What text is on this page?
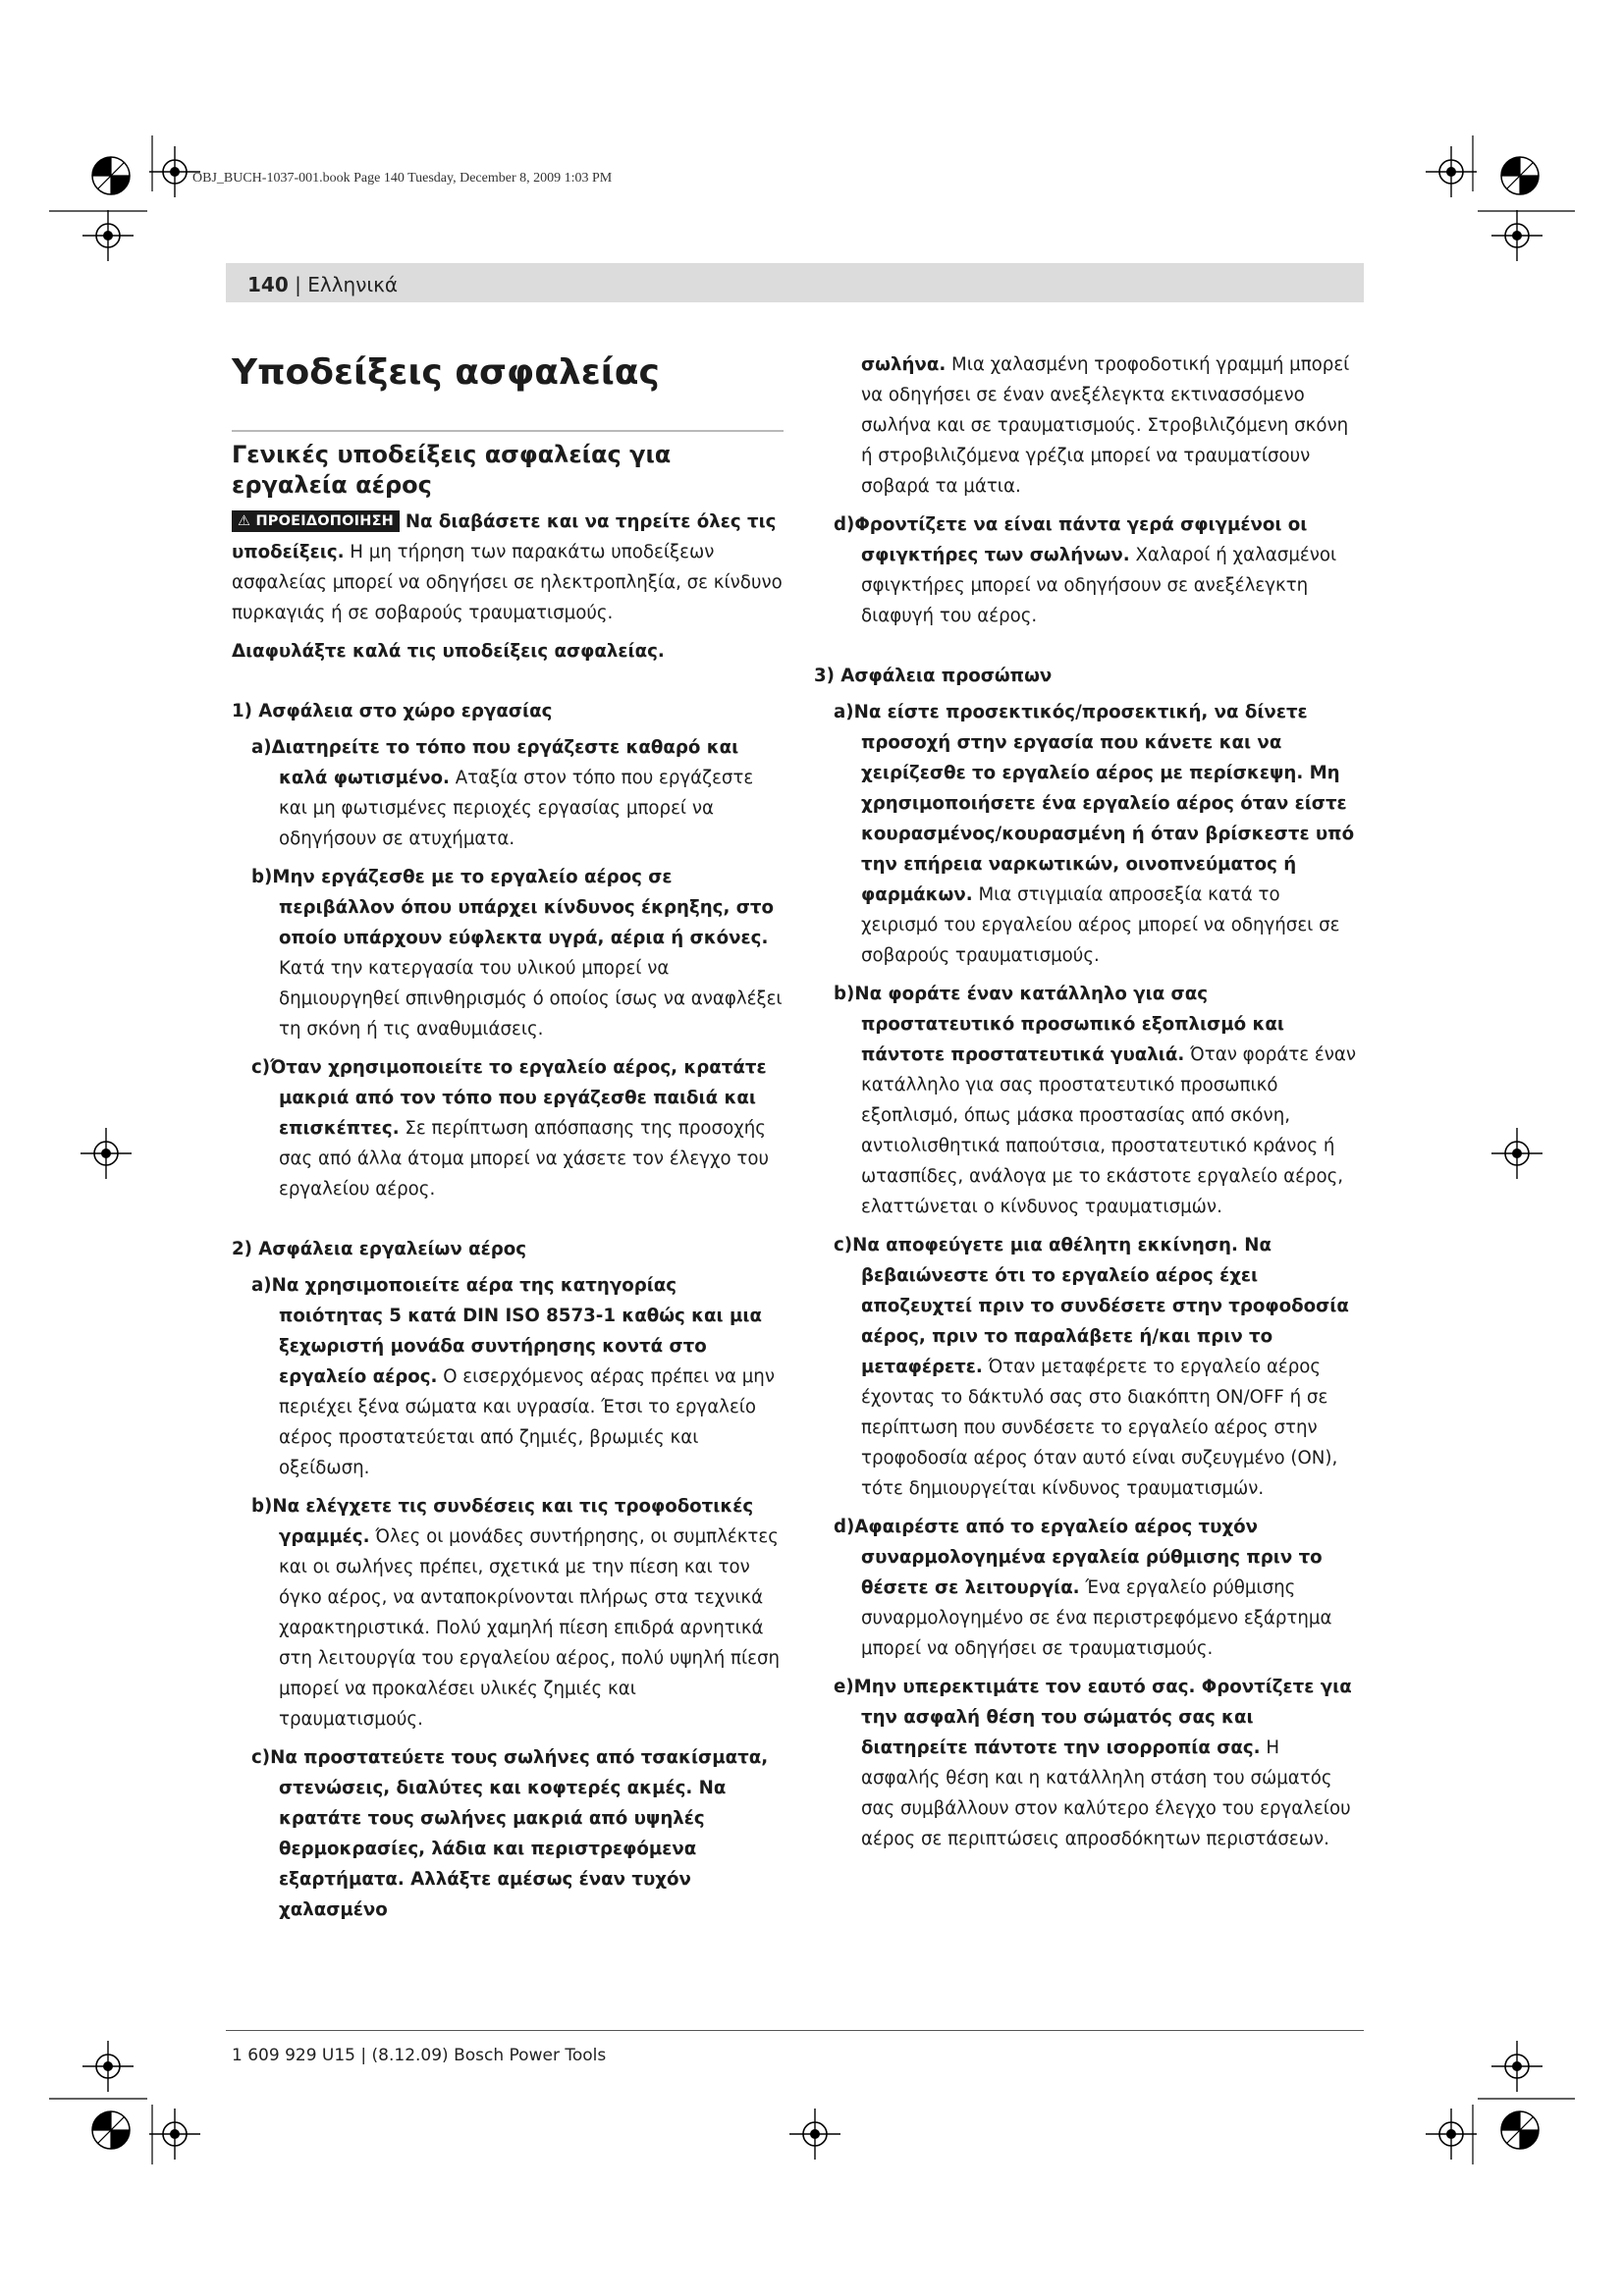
OBJ_BUCH-1037-001.book Page 140 Tuesday, December 8, 2009 1:03 PM
140 | Ελληνικά
Υποδείξεις ασφαλείας
Γενικές υποδείξεις ασφαλείας για εργαλεία αέρος

⚠ ΠΡΟΕΙΔΟΠΟΙΗΣΗ Να διαβάσετε και να τηρείτε όλες τις υποδείξεις. Η μη τήρηση των παρακάτω υποδείξεων ασφαλείας μπορεί να οδηγήσει σε ηλεκτροπληξία, σε κίνδυνο πυρκαγιάς ή σε σοβαρούς τραυματισμούς.

Διαφυλάξτε καλά τις υποδείξεις ασφαλείας.

1) Ασφάλεια στο χώρο εργασίας

a)Διατηρείτε το τόπο που εργάζεστε καθαρό και καλά φωτισμένο. Αταξία στον τόπο που εργάζεστε και μη φωτισμένες περιοχές εργασίας μπορεί να οδηγήσουν σε ατυχήματα.

b)Μην εργάζεσθε με το εργαλείο αέρος σε περιβάλλον όπου υπάρχει κίνδυνος έκρηξης, στο οποίο υπάρχουν εύφλεκτα υγρά, αέρια ή σκόνες. Κατά την κατεργασία του υλικού μπορεί να δημιουργηθεί σπινθηρισμός ό οποίος ίσως να αναφλέξει τη σκόνη ή τις αναθυμιάσεις.

c)Όταν χρησιμοποιείτε το εργαλείο αέρος, κρατάτε μακριά από τον τόπο που εργάζεσθε παιδιά και επισκέπτες. Σε περίπτωση απόσπασης της προσοχής σας από άλλα άτομα μπορεί να χάσετε τον έλεγχο του εργαλείου αέρος.

2) Ασφάλεια εργαλείων αέρος

a)Να χρησιμοποιείτε αέρα της κατηγορίας ποιότητας 5 κατά DIN ISO 8573-1 καθώς και μια ξεχωριστή μονάδα συντήρησης κοντά στο εργαλείο αέρος. Ο εισερχόμενος αέρας πρέπει να μην περιέχει ξένα σώματα και υγρασία. Έτσι το εργαλείο αέρος προστατεύεται από ζημιές, βρωμιές και οξείδωση.

b)Να ελέγχετε τις συνδέσεις και τις τροφοδοτικές γραμμές. Όλες οι μονάδες συντήρησης, οι συμπλέκτες και οι σωλήνες πρέπει, σχετικά με την πίεση και τον όγκο αέρος, να ανταποκρίνονται πλήρως στα τεχνικά χαρακτηριστικά. Πολύ χαμηλή πίεση επιδρά αρνητικά στη λειτουργία του εργαλείου αέρος, πολύ υψηλή πίεση μπορεί να προκαλέσει υλικές ζημιές και τραυματισμούς.

c)Να προστατεύετε τους σωλήνες από τσακίσματα, στενώσεις, διαλύτες και κοφτερές ακμές. Να κρατάτε τους σωλήνες μακριά από υψηλές θερμοκρασίες, λάδια και περιστρεφόμενα εξαρτήματα. Αλλάξτε αμέσως έναν τυχόν χαλασμένο

σωλήνα. Μια χαλασμένη τροφοδοτική γραμμή μπορεί να οδηγήσει σε έναν ανεξέλεγκτα εκτινασσόμενο σωλήνα και σε τραυματισμούς. Στροβιλιζόμενη σκόνη ή στροβιλιζόμενα γρέζια μπορεί να τραυματίσουν σοβαρά τα μάτια.

d)Φροντίζετε να είναι πάντα γερά σφιγμένοι οι σφιγκτήρες των σωλήνων. Χαλαροί ή χαλασμένοι σφιγκτήρες μπορεί να οδηγήσουν σε ανεξέλεγκτη διαφυγή του αέρος.

3) Ασφάλεια προσώπων

a)Να είστε προσεκτικός/προσεκτική, να δίνετε προσοχή στην εργασία που κάνετε και να χειρίζεσθε το εργαλείο αέρος με περίσκεψη. Μη χρησιμοποιήσετε ένα εργαλείο αέρος όταν είστε κουρασμένος/κουρασμένη ή όταν βρίσκεστε υπό την επήρεια ναρκωτικών, οινοπνεύματος ή φαρμάκων. Μια στιγμιαία απροσεξία κατά το χειρισμό του εργαλείου αέρος μπορεί να οδηγήσει σε σοβαρούς τραυματισμούς.

b)Να φοράτε έναν κατάλληλο για σας προστατευτικό προσωπικό εξοπλισμό και πάντοτε προστατευτικά γυαλιά. Όταν φοράτε έναν κατάλληλο για σας προστατευτικό προσωπικό εξοπλισμό, όπως μάσκα προστασίας από σκόνη, αντιολισθητικά παπούτσια, προστατευτικό κράνος ή ωτασπίδες, ανάλογα με το εκάστοτε εργαλείο αέρος, ελαττώνεται ο κίνδυνος τραυματισμών.

c)Να αποφεύγετε μια αθέλητη εκκίνηση. Να βεβαιώνεστε ότι το εργαλείο αέρος έχει αποζευχτεί πριν το συνδέσετε στην τροφοδοσία αέρος, πριν το παραλάβετε ή/και πριν το μεταφέρετε. Όταν μεταφέρετε το εργαλείο αέρος έχοντας το δάκτυλό σας στο διακόπτη ON/OFF ή σε περίπτωση που συνδέσετε το εργαλείο αέρος στην τροφοδοσία αέρος όταν αυτό είναι συζευγμένο (ON), τότε δημιουργείται κίνδυνος τραυματισμών.

d)Αφαιρέστε από το εργαλείο αέρος τυχόν συναρμολογημένα εργαλεία ρύθμισης πριν το θέσετε σε λειτουργία. Ένα εργαλείο ρύθμισης συναρμολογημένο σε ένα περιστρεφόμενο εξάρτημα μπορεί να οδηγήσει σε τραυματισμούς.

e)Μην υπερεκτιμάτε τον εαυτό σας. Φροντίζετε για την ασφαλή θέση του σώματός σας και διατηρείτε πάντοτε την ισορροπία σας. Η ασφαλής θέση και η κατάλληλη στάση του σώματός σας συμβάλλουν στον καλύτερο έλεγχο του εργαλείου αέρος σε περιπτώσεις απροσδόκητων περιστάσεων.

1 609 929 U15 | (8.12.09) Bosch Power Tools
